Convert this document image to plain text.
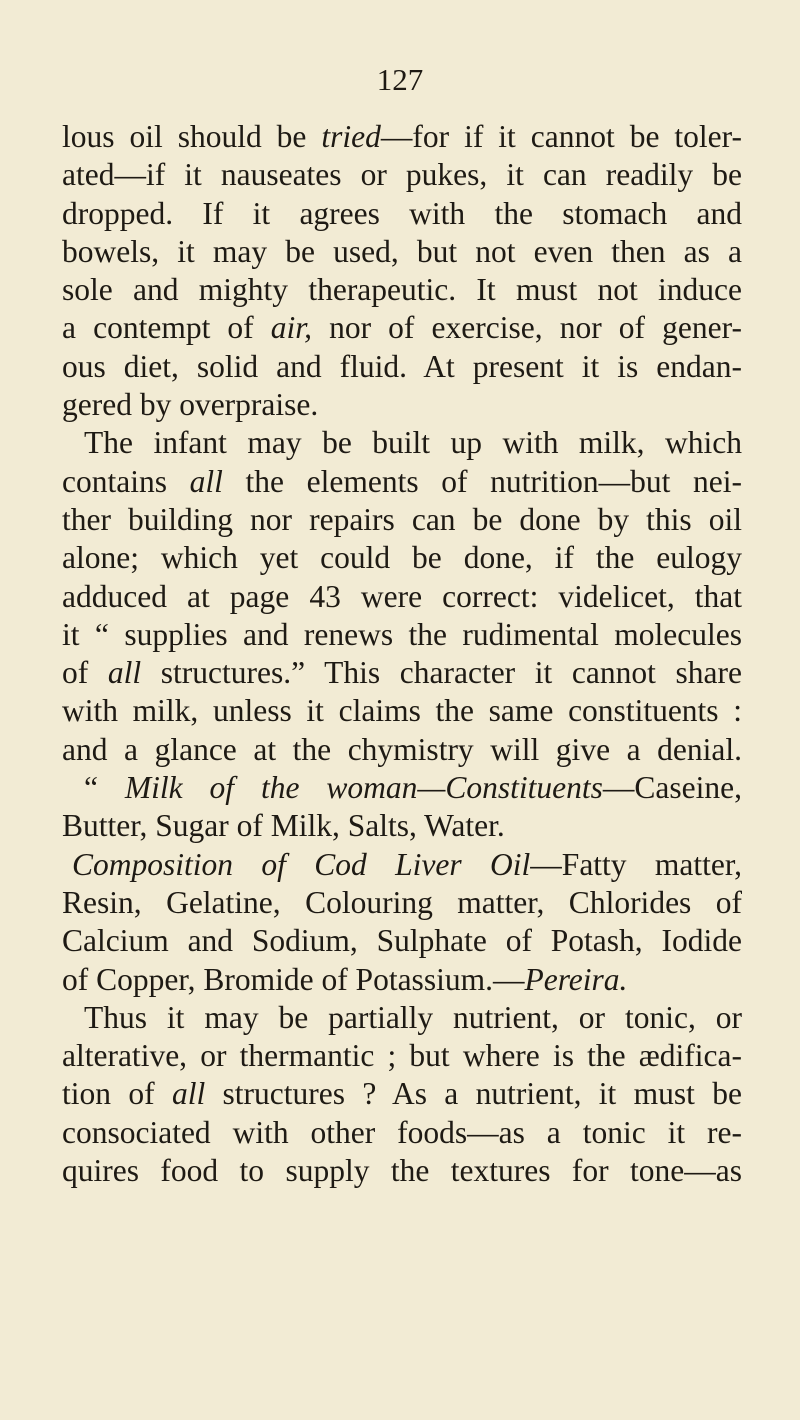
127
lous oil should be tried—for if it cannot be toler-
ated—if it nauseates or pukes, it can readily be
dropped. If it agrees with the stomach and
bowels, it may be used, but not even then as a
sole and mighty therapeutic. It must not induce
a contempt of air, nor of exercise, nor of gener-
ous diet, solid and fluid. At present it is endan-
gered by overpraise.
The infant may be built up with milk, which
contains all the elements of nutrition—but nei-
ther building nor repairs can be done by this oil
alone; which yet could be done, if the eulogy
adduced at page 43 were correct: videlicet, that
it “ supplies and renews the rudimental molecules
of all structures.” This character it cannot share
with milk, unless it claims the same constituents :
and a glance at the chymistry will give a denial.
“ Milk of the woman—Constituents—Caseine,
Butter, Sugar of Milk, Salts, Water.
Composition of Cod Liver Oil—Fatty matter,
Resin, Gelatine, Colouring matter, Chlorides of
Calcium and Sodium, Sulphate of Potash, Iodide
of Copper, Bromide of Potassium.—Pereira.
Thus it may be partially nutrient, or tonic, or
alterative, or thermantic ; but where is the ædifica-
tion of all structures ? As a nutrient, it must be
consociated with other foods—as a tonic it re-
quires food to supply the textures for tone—as
